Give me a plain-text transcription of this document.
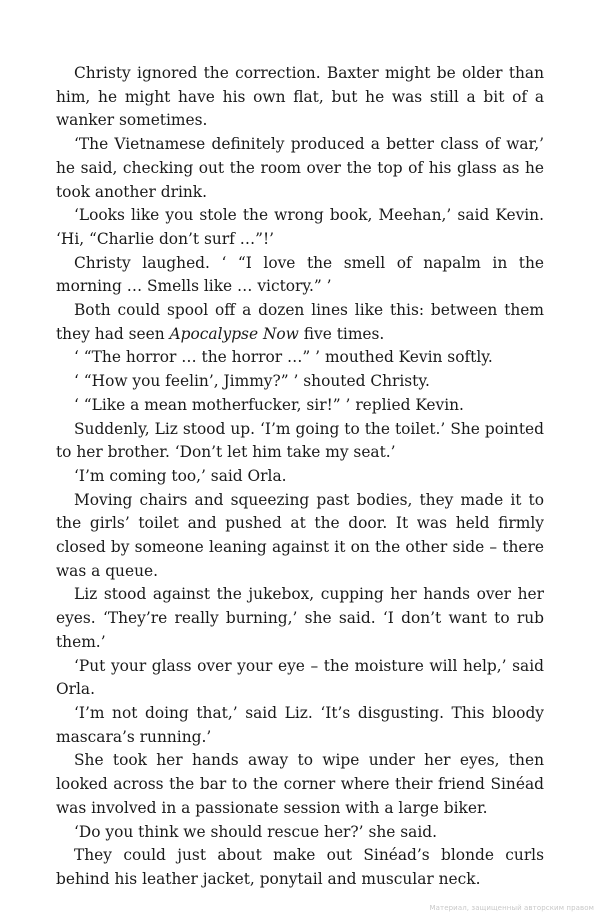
Christy ignored the correction. Baxter might be older than him, he might have his own flat, but he was still a bit of a wanker sometimes.

‘The Vietnamese definitely produced a better class of war,’ he said, checking out the room over the top of his glass as he took another drink.

‘Looks like you stole the wrong book, Meehan,’ said Kevin. ‘Hi, “Charlie don’t surf …”!’

Christy laughed. ‘ “I love the smell of napalm in the morning … Smells like … victory.” ’

Both could spool off a dozen lines like this: between them they had seen Apocalypse Now five times.

‘ “The horror … the horror …” ’ mouthed Kevin softly.

‘ “How you feelin’, Jimmy?” ’ shouted Christy.

‘ “Like a mean motherfucker, sir!” ’ replied Kevin.

Suddenly, Liz stood up. ‘I’m going to the toilet.’ She pointed to her brother. ‘Don’t let him take my seat.’

‘I’m coming too,’ said Orla.

Moving chairs and squeezing past bodies, they made it to the girls’ toilet and pushed at the door. It was held firmly closed by someone leaning against it on the other side – there was a queue.

Liz stood against the jukebox, cupping her hands over her eyes. ‘They’re really burning,’ she said. ‘I don’t want to rub them.’

‘Put your glass over your eye – the moisture will help,’ said Orla.

‘I’m not doing that,’ said Liz. ‘It’s disgusting. This bloody mascara’s running.’

She took her hands away to wipe under her eyes, then looked across the bar to the corner where their friend Sinéad was involved in a passionate session with a large biker.

‘Do you think we should rescue her?’ she said.

They could just about make out Sinéad’s blonde curls behind his leather jacket, ponytail and muscular neck.

Материал, защищенный авторским правом
